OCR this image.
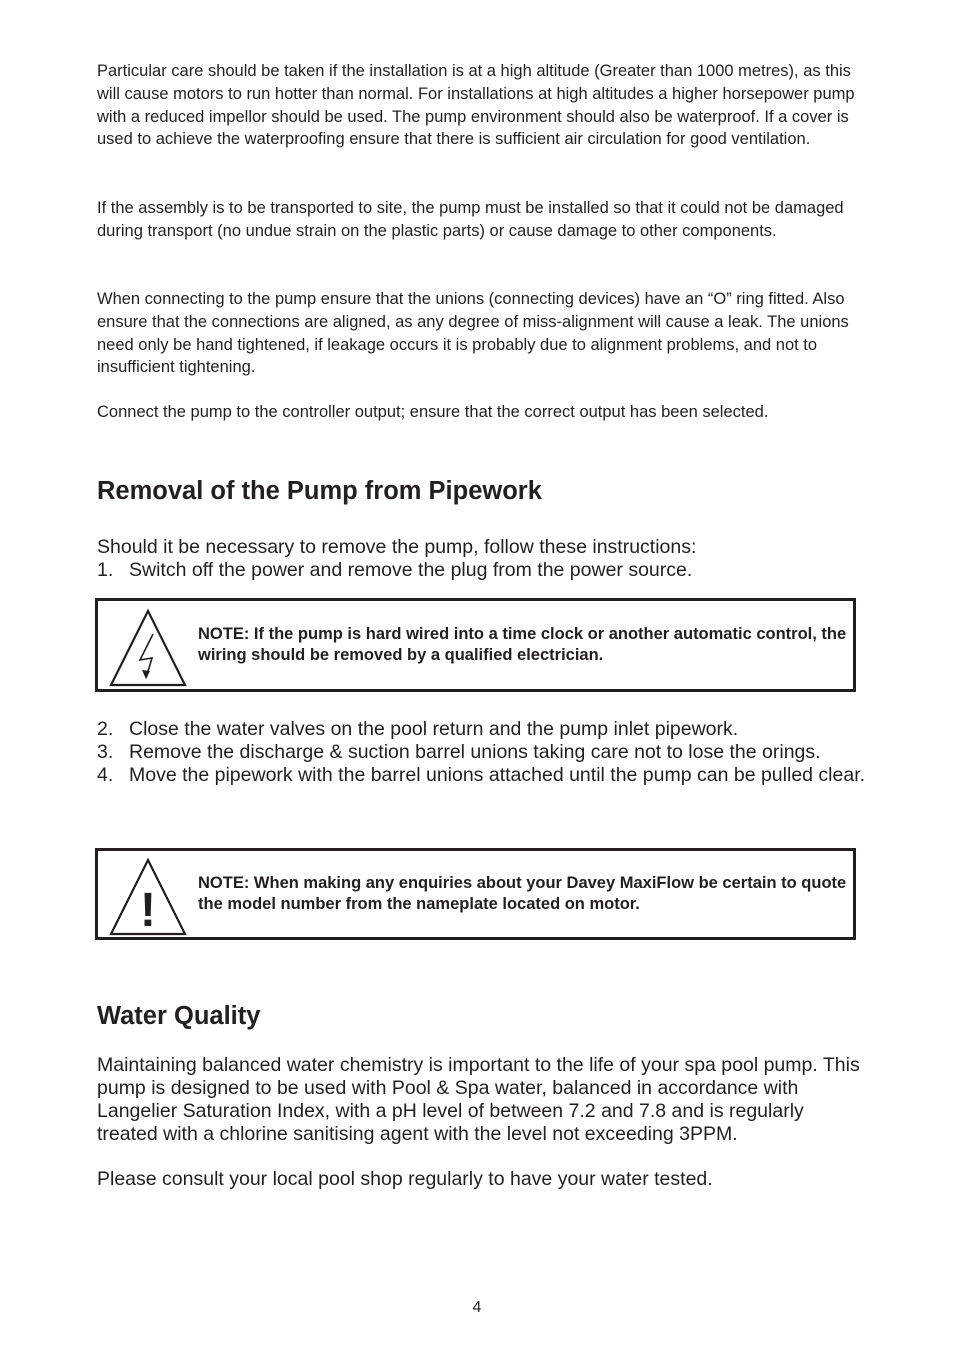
Particular care should be taken if the installation is at a high altitude (Greater than 1000 metres), as this will cause motors to run hotter than normal. For installations at high altitudes a higher horsepower pump with a reduced impellor should be used. The pump environment should also be waterproof. If a cover is used to achieve the waterproofing ensure that there is sufficient air circulation for good ventilation.

If the assembly is to be transported to site, the pump must be installed so that it could not be damaged during transport (no undue strain on the plastic parts) or cause damage to other components.

When connecting to the pump ensure that the unions (connecting devices) have an “O” ring fitted. Also ensure that the connections are aligned, as any degree of miss-alignment will cause a leak. The unions need only be hand tightened, if leakage occurs it is probably due to alignment problems, and not to insufficient tightening.

Connect the pump to the controller output; ensure that the correct output has been selected.

Removal of the Pump from Pipework

Should it be necessary to remove the pump, follow these instructions:

1. Switch off the power and remove the plug from the power source.

NOTE: If the pump is hard wired into a time clock or another automatic control, the wiring should be removed by a qualified electrician.

2. Close the water valves on the pool return and the pump inlet pipework.
3. Remove the discharge & suction barrel unions taking care not to lose the orings.
4. Move the pipework with the barrel unions attached until the pump can be pulled clear.
!

NOTE: When making any enquiries about your Davey MaxiFlow be certain to quote the model number from the nameplate located on motor.

Water Quality

Maintaining balanced water chemistry is important to the life of your spa pool pump. This pump is designed to be used with Pool & Spa water, balanced in accordance with Langelier Saturation Index, with a pH level of between 7.2 and 7.8 and is regularly treated with a chlorine sanitising agent with the level not exceeding 3PPM.

Please consult your local pool shop regularly to have your water tested.

4
